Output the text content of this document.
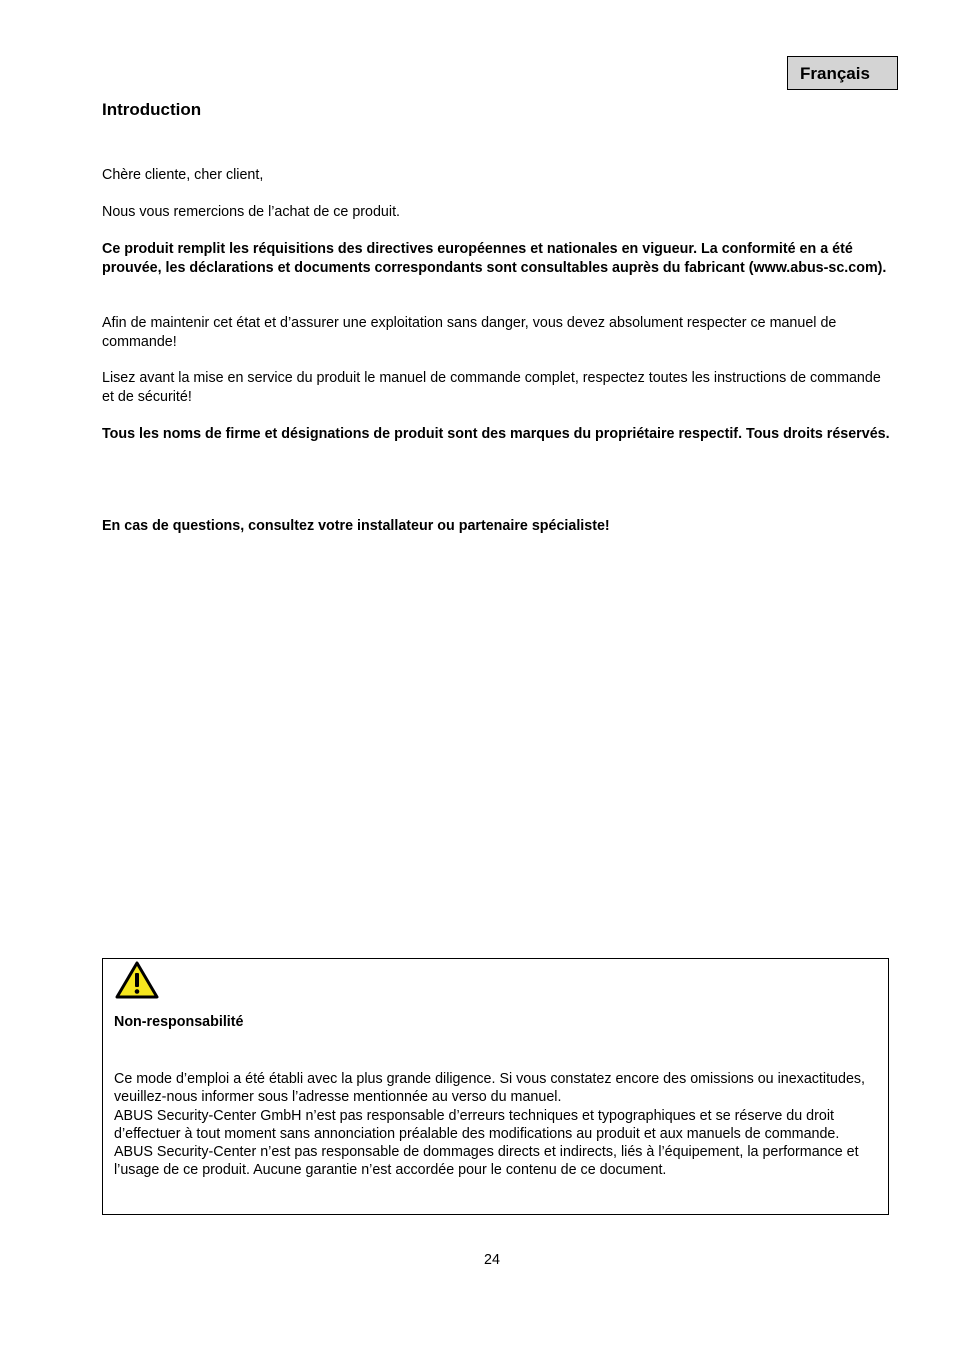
Français
Introduction

Chère cliente, cher client,

Nous vous remercions de l’achat de ce produit.

Ce produit remplit les réquisitions des directives européennes et nationales en vigueur. La conformité en a été prouvée, les déclarations et documents correspondants sont consultables auprès du fabricant (www.abus-sc.com).

Afin de maintenir cet état et d’assurer une exploitation sans danger, vous devez absolument respecter ce manuel de commande!

Lisez avant la mise en service du produit le manuel de commande complet, respectez toutes les instructions de commande et de sécurité!

Tous les noms de firme et désignations de produit sont des marques du propriétaire respectif. Tous droits réservés.

En cas de questions, consultez votre installateur ou partenaire spécialiste!

Non-responsabilité

Ce mode d’emploi a été établi avec la plus grande diligence. Si vous constatez encore des omissions ou inexactitudes, veuillez-nous informer sous l’adresse mentionnée au verso du manuel.
ABUS Security-Center GmbH n’est pas responsable d’erreurs techniques et typographiques et se réserve du droit d’effectuer à tout moment sans annonciation préalable des modifications au produit et aux manuels de commande.
ABUS Security-Center n’est pas responsable de dommages directs et indirects, liés à l’équipement, la performance et l’usage de ce produit. Aucune garantie n’est accordée pour le contenu de ce document.
24
